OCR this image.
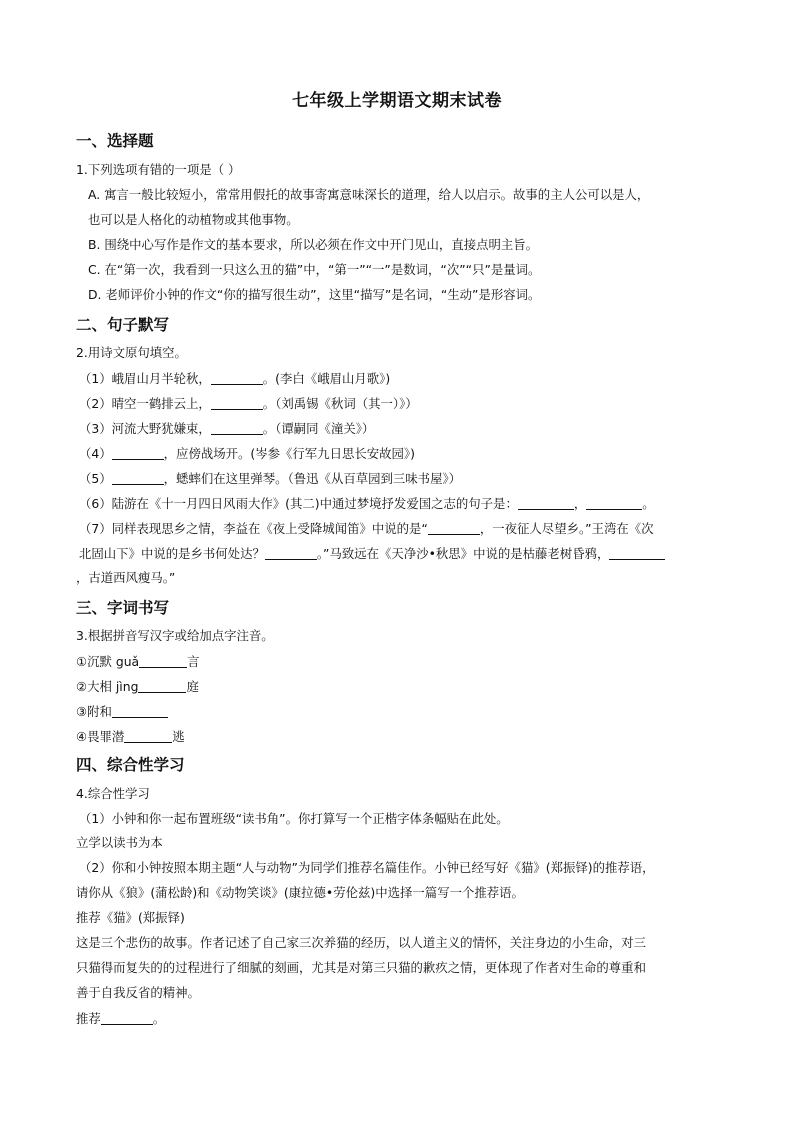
七年级上学期语文期末试卷
一、选择题
1.下列选项有错的一项是（ ）
A. 寓言一般比较短小，常常用假托的故事寄寓意味深长的道理，给人以启示。故事的主人公可以是人，
也可以是人格化的动植物或其他事物。
B. 围绕中心写作是作文的基本要求，所以必须在作文中开门见山，直接点明主旨。
C. 在“第一次，我看到一只这么丑的猫”中，“第一”“一”是数词，“次”“只”是量词。
D. 老师评价小钟的作文“你的描写很生动”，这里“描写”是名词，“生动”是形容词。
二、句子默写
2.用诗文原句填空。
（1）峨眉山月半轮秋，	。(李白《峨眉山月歌》)
（2）晴空一鹤排云上，	。（刘禹锡《秋词（其一）》）
（3）河流大野犹嫌束，	。（谭嗣同《潼关》）
（4）	，应傍战场开。(岑参《行军九日思长安故园》)
（5）	，蟋蟀们在这里弹琴。（鲁迅《从百草园到三味书屋》）
（6）陆游在《十一月四日风雨大作》(其二)中通过梦境抒发爱国之志的句子是：	，	。
（7）同样表现思乡之情，李益在《夜上受降城闻笛》中说的是“	，一夜征人尽望乡。”王湾在《次
北固山下》中说的是乡书何处达？	。”马致远在《天净沙•秋思》中说的是枯藤老树昏鸦，
，古道西风瘦马。”
三、字词书写
3.根据拼音写汉字或给加点字注音。
①沉默 guǎ	言
②大相 jìng	庭
③附和
④畏罪潜	逃
四、综合性学习
4.综合性学习
（1）小钟和你一起布置班级“读书角”。你打算写一个正楷字体条幅贴在此处。
立学以读书为本
（2）你和小钟按照本期主题“人与动物”为同学们推荐名篇佳作。小钟已经写好《猫》(郑振铎)的推荐语，
请你从《狼》(蒲松龄)和《动物笑谈》(康拉德•劳伦兹)中选择一篇写一个推荐语。
推荐《猫》(郑振铎)
这是三个悲伤的故事。作者记述了自己家三次养猫的经历，以人道主义的情怀，关注身边的小生命，对三
只猫得而复失的的过程进行了细腻的刻画，尤其是对第三只猫的歉疚之情，更体现了作者对生命的尊重和
善于自我反省的精神。
推荐	。
